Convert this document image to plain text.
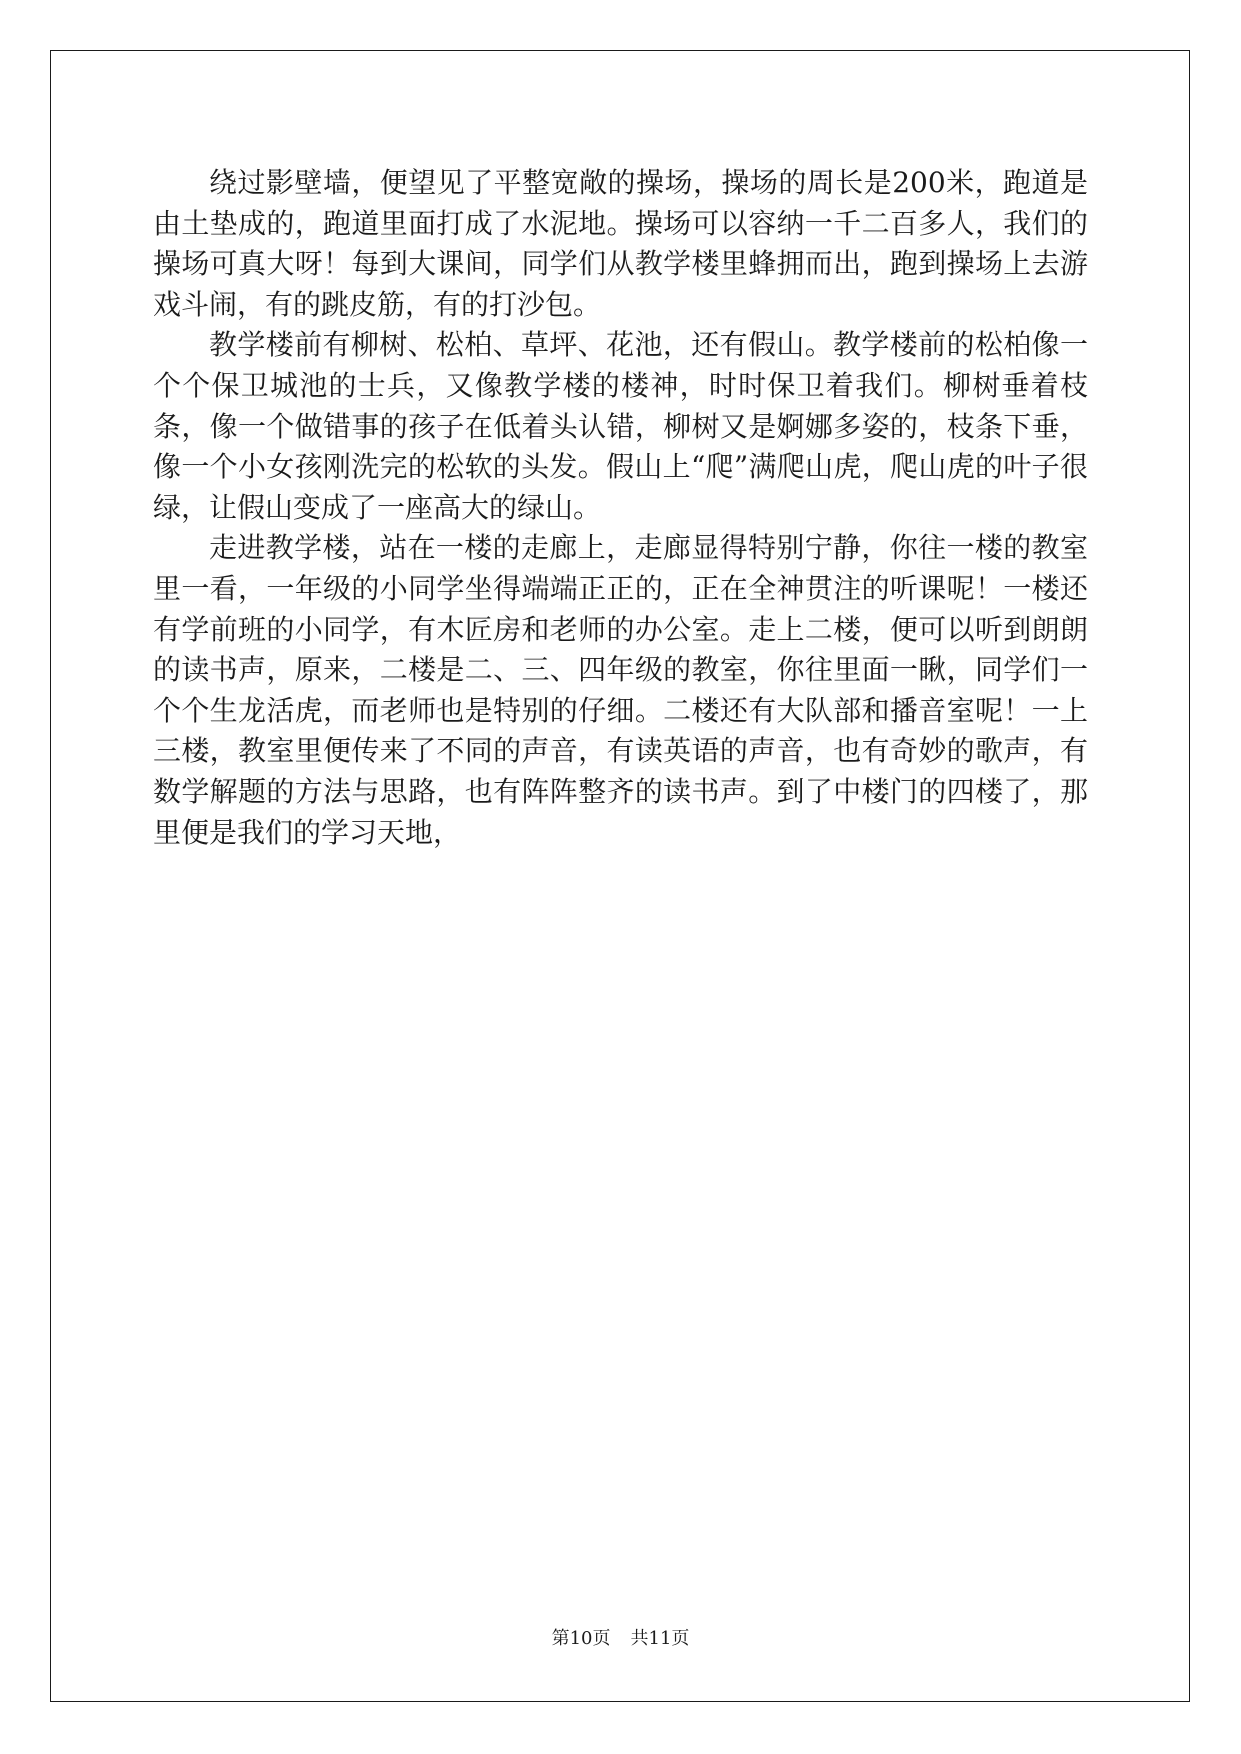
绕过影壁墙，便望见了平整宽敞的操场，操场的周长是200米，跑道是由土垫成的，跑道里面打成了水泥地。操场可以容纳一千二百多人，我们的操场可真大呀！每到大课间，同学们从教学楼里蜂拥而出，跑到操场上去游戏斗闹，有的跳皮筋，有的打沙包。

教学楼前有柳树、松柏、草坪、花池，还有假山。教学楼前的松柏像一个个保卫城池的士兵，又像教学楼的楼神，时时保卫着我们。柳树垂着枝条，像一个做错事的孩子在低着头认错，柳树又是婀娜多姿的，枝条下垂，像一个小女孩刚洗完的松软的头发。假山上“爬”满爬山虎，爬山虎的叶子很绿，让假山变成了一座高大的绿山。

走进教学楼，站在一楼的走廊上，走廊显得特别宁静，你往一楼的教室里一看，一年级的小同学坐得端端正正的，正在全神贯注的听课呢！一楼还有学前班的小同学，有木匠房和老师的办公室。走上二楼，便可以听到朗朗的读书声，原来，二楼是二、三、四年级的教室，你往里面一瞅，同学们一个个生龙活虎，而老师也是特别的仔细。二楼还有大队部和播音室呢！一上三楼，教室里便传来了不同的声音，有读英语的声音，也有奇妙的歌声，有数学解题的方法与思路，也有阵阵整齐的读书声。到了中楼门的四楼了，那里便是我们的学习天地，

第10页 共11页
